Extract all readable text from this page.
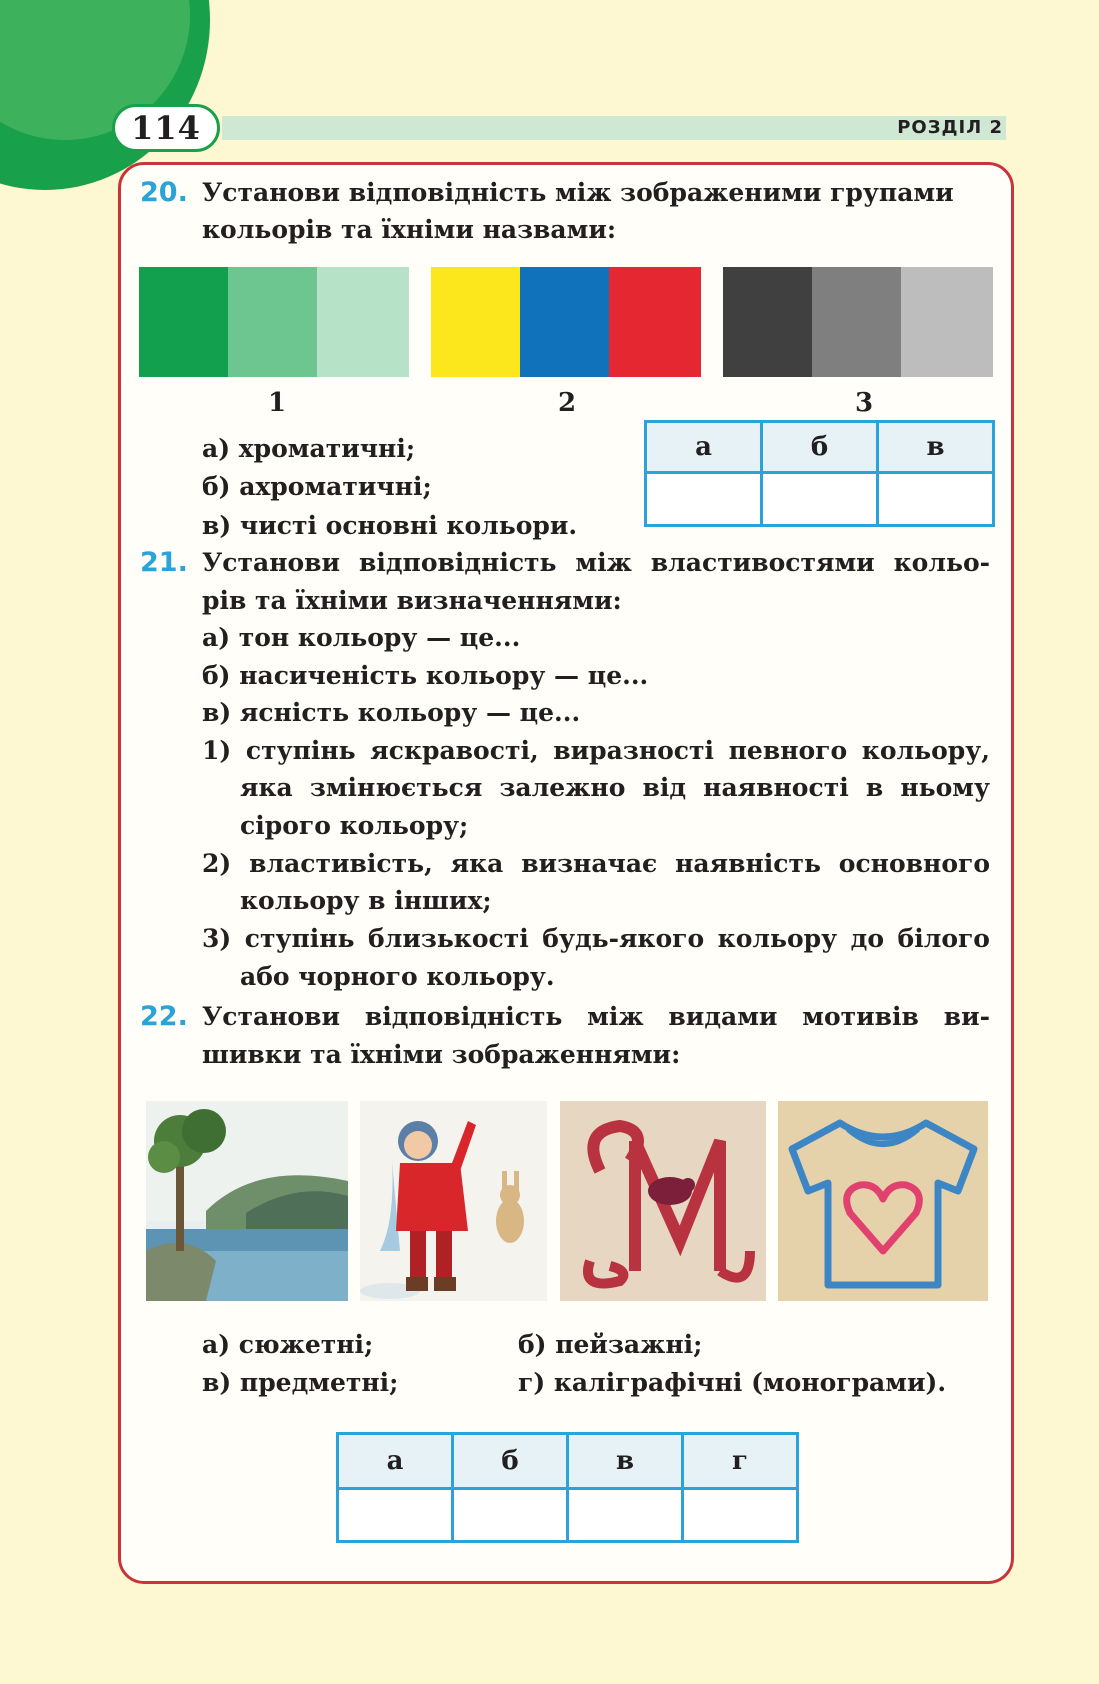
114	РОЗДІЛ 2
20. Установи відповідність між зображеними групами
кольорів та їхніми назвами:
1	2	3
а) хроматичні;
б) ахроматичні;
в) чисті основні кольори.
а	б	в

21. Установи відповідність між властивостями кольо-
рів та їхніми визначеннями:
а) тон кольору — це...
б) насиченість кольору — це...
в) ясність кольору — це...
1) ступінь яскравості, виразності певного кольору,
яка змінюється залежно від наявності в ньому
сірого кольору;
2) властивість, яка визначає наявність основного
кольору в інших;
3) ступінь близькості будь-якого кольору до білого
або чорного кольору.
22. Установи відповідність між видами мотивів ви-
шивки та їхніми зображеннями:
а) сюжетні;	б) пейзажні;
в) предметні;	г) каліграфічні (монограми).
а	б	в	г
